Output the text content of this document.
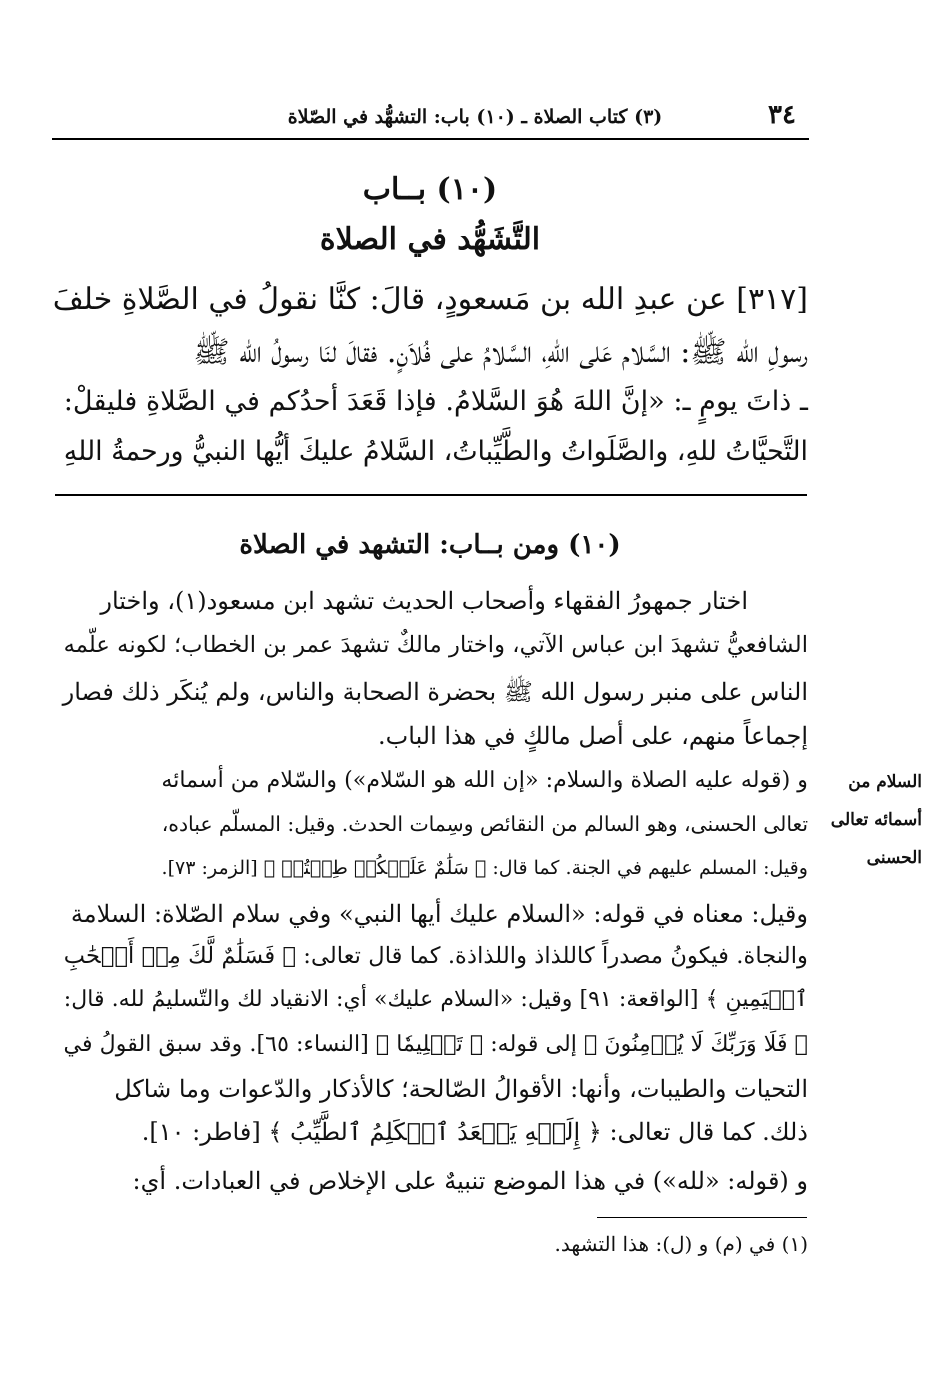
٣٤
(٣) كتاب الصلاة ـ (١٠) باب: التشهُّد في الصّلاة
(١٠) بــاب
التَّشَهُّد في الصلاة
[٣١٧] عن عبدِ الله بن مَسعودٍ، قالَ: كنَّا نقولُ في الصَّلاةِ خلفَ
رسولِ الله ﷺ: السَّلام عَلى اللهِ، السَّلامُ على فُلاَنٍ. فقالَ لنَا رسولُ الله ﷺ
ـ ذاتَ يومٍ ـ: «إنَّ اللهَ هُوَ السَّلامُ. فإذا قَعَدَ أحدُكم في الصَّلاةِ فليقلْ:
التَّحيَّاتُ للهِ، والصَّلَواتُ والطَّيِّباتُ، السَّلامُ عليكَ أيُّها النبيُّ ورحمةُ اللهِ
(١٠) ومن بــاب: التشهد في الصلاة
اختار جمهورُ الفقهاء وأصحاب الحديث تشهد ابن مسعود(١)، واختار
الشافعيُّ تشهدَ ابن عباس الآتي، واختار مالكٌ تشهدَ عمر بن الخطاب؛ لكونه علّمه
الناس على منبر رسول الله ﷺ بحضرة الصحابة والناس، ولم يُنكَر ذلك فصار
إجماعاً منهم، على أصل مالكٍ في هذا الباب.
السلام من
أسمائه تعالى
الحسنى
و (قوله عليه الصلاة والسلام: «إن الله هو السّلام») والسّلام من أسمائه
تعالى الحسنى، وهو السالم من النقائص وسِمات الحدث. وقيل: المسلّم عباده،
وقيل: المسلم عليهم في الجنة. كما قال: ﴿ سَلَٰمٌ عَلَيۡكُمۡ طِبۡتُمۡ ﴾ [الزمر: ٧٣].
وقيل: معناه في قوله: «السلام عليك أيها النبي» وفي سلام الصّلاة: السلامة
والنجاة. فيكونُ مصدراً كاللذاذ واللذاذة. كما قال تعالى: ﴿ فَسَلَٰمٌ لَّكَ مِنۡ أَصۡحَٰبِ
ٱلۡيَمِينِ ﴾ [الواقعة: ٩١] وقيل: «السلام عليك» أي: الانقياد لك والتّسليمُ لله. قال:
﴿ فَلَا وَرَبِّكَ لَا يُؤۡمِنُونَ ﴾ إلى قوله: ﴿ تَسۡلِيمٗا ﴾ [النساء: ٦٥]. وقد سبق القولُ في
التحيات والطيبات، وأنها: الأقوالُ الصّالحة؛ كالأذكار والدّعوات وما شاكل
ذلك. كما قال تعالى: ﴿ إِلَيۡهِ يَصۡعَدُ ٱلۡكَلِمُ ٱلطَّيِّبُ ﴾ [فاطر: ١٠].
و (قوله: «لله») في هذا الموضع تنبيهٌ على الإخلاص في العبادات. أي:
(١) في (م) و (ل): هذا التشهد.
